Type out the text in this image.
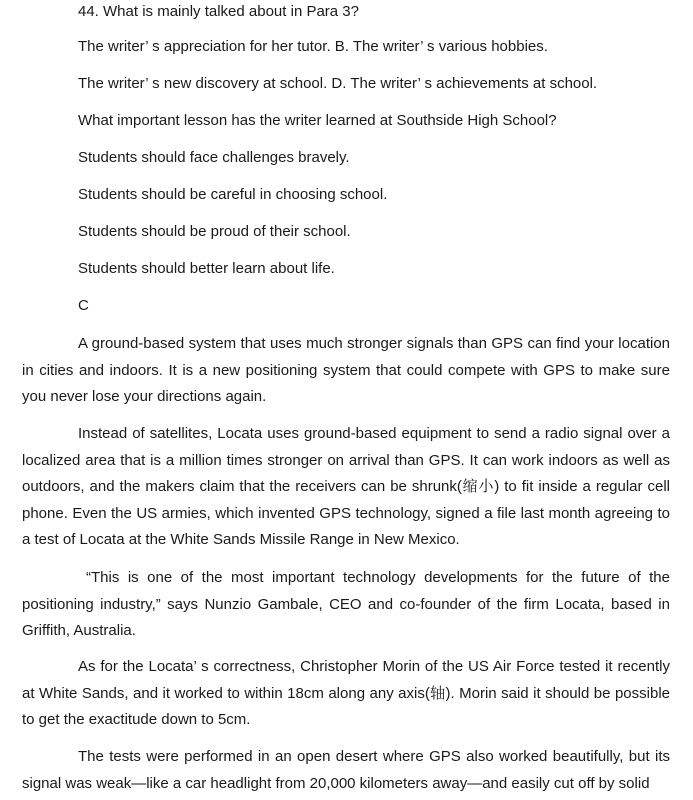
44. What is mainly talked about in Para 3?
The writer’ s appreciation for her tutor. B. The writer’ s various hobbies.
The writer’ s new discovery at school. D. The writer’ s achievements at school.
What important lesson has the writer learned at Southside High School?
Students should face challenges bravely.
Students should be careful in choosing school.
Students should be proud of their school.
Students should better learn about life.
C

A ground-based system that uses much stronger signals than GPS can find your location in cities and indoors. It is a new positioning system that could compete with GPS to make sure you never lose your directions again.

Instead of satellites, Locata uses ground-based equipment to send a radio signal over a localized area that is a million times stronger on arrival than GPS. It can work indoors as well as outdoors, and the makers claim that the receivers can be shrunk(缩小) to fit inside a regular cell phone. Even the US armies, which invented GPS technology, signed a file last month agreeing to a test of Locata at the White Sands Missile Range in New Mexico.

“This is one of the most important technology developments for the future of the positioning industry,” says Nunzio Gambale, CEO and co-founder of the firm Locata, based in Griffith, Australia.

As for the Locata’ s correctness, Christopher Morin of the US Air Force tested it recently at White Sands, and it worked to within 18cm along any axis(轴). Morin said it should be possible to get the exactitude down to 5cm.

The tests were performed in an open desert where GPS also worked beautifully, but its signal was weak—like a car headlight from 20,000 kilometers away—and easily cut off by solid
